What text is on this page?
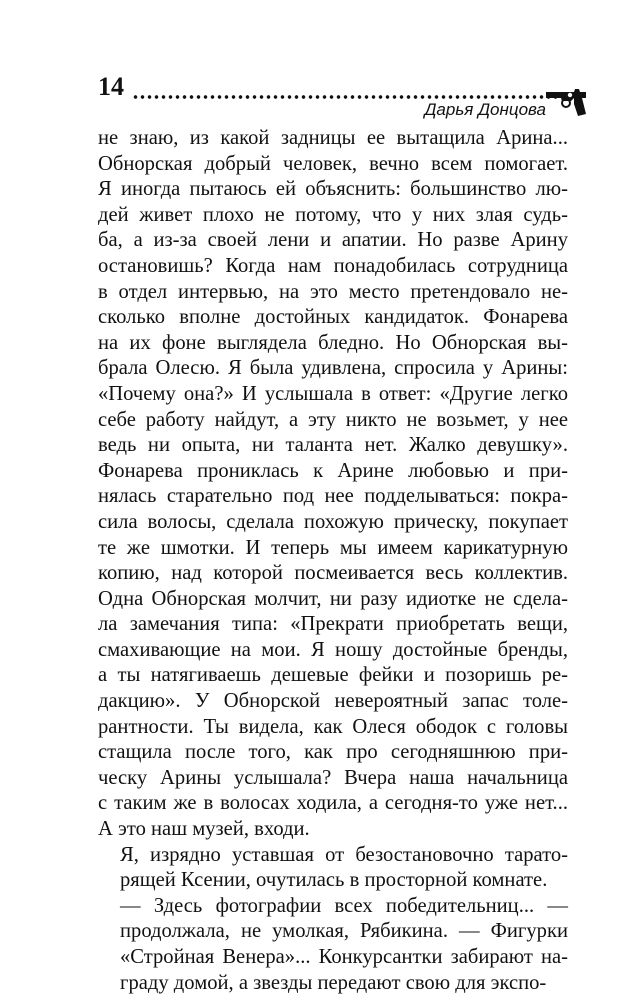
14
Дарья Донцова

не знаю, из какой задницы ее вытащила Арина...
Обнорская добрый человек, вечно всем помогает.
Я иногда пытаюсь ей объяснить: большинство лю-
дей живет плохо не потому, что у них злая судь-
ба, а из-за своей лени и апатии. Но разве Арину
остановишь? Когда нам понадобилась сотрудница
в отдел интервью, на это место претендовало не-
сколько вполне достойных кандидаток. Фонарева
на их фоне выглядела бледно. Но Обнорская вы-
брала Олесю. Я была удивлена, спросила у Арины:
«Почему она?» И услышала в ответ: «Другие легко
себе работу найдут, а эту никто не возьмет, у нее
ведь ни опыта, ни таланта нет. Жалко девушку».
Фонарева прониклась к Арине любовью и при-
нялась старательно под нее подделываться: покра-
сила волосы, сделала похожую прическу, покупает
те же шмотки. И теперь мы имеем карикатурную
копию, над которой посмеивается весь коллектив.
Одна Обнорская молчит, ни разу идиотке не сдела-
ла замечания типа: «Прекрати приобретать вещи,
смахивающие на мои. Я ношу достойные бренды,
а ты натягиваешь дешевые фейки и позоришь ре-
дакцию». У Обнорской невероятный запас толе-
рантности. Ты видела, как Олеся ободок с головы
стащила после того, как про сегодняшнюю при-
ческу Арины услышала? Вчера наша начальница
с таким же в волосах ходила, а сегодня-то уже нет...
А это наш музей, входи.

Я, изрядно уставшая от безостановочно тарато-
рящей Ксении, очутилась в просторной комнате.

— Здесь фотографии всех победительниц... —
продолжала, не умолкая, Рябикина. — Фигурки
«Стройная Венера»... Конкурсантки забирают на-
граду домой, а звезды передают свою для экспо-
